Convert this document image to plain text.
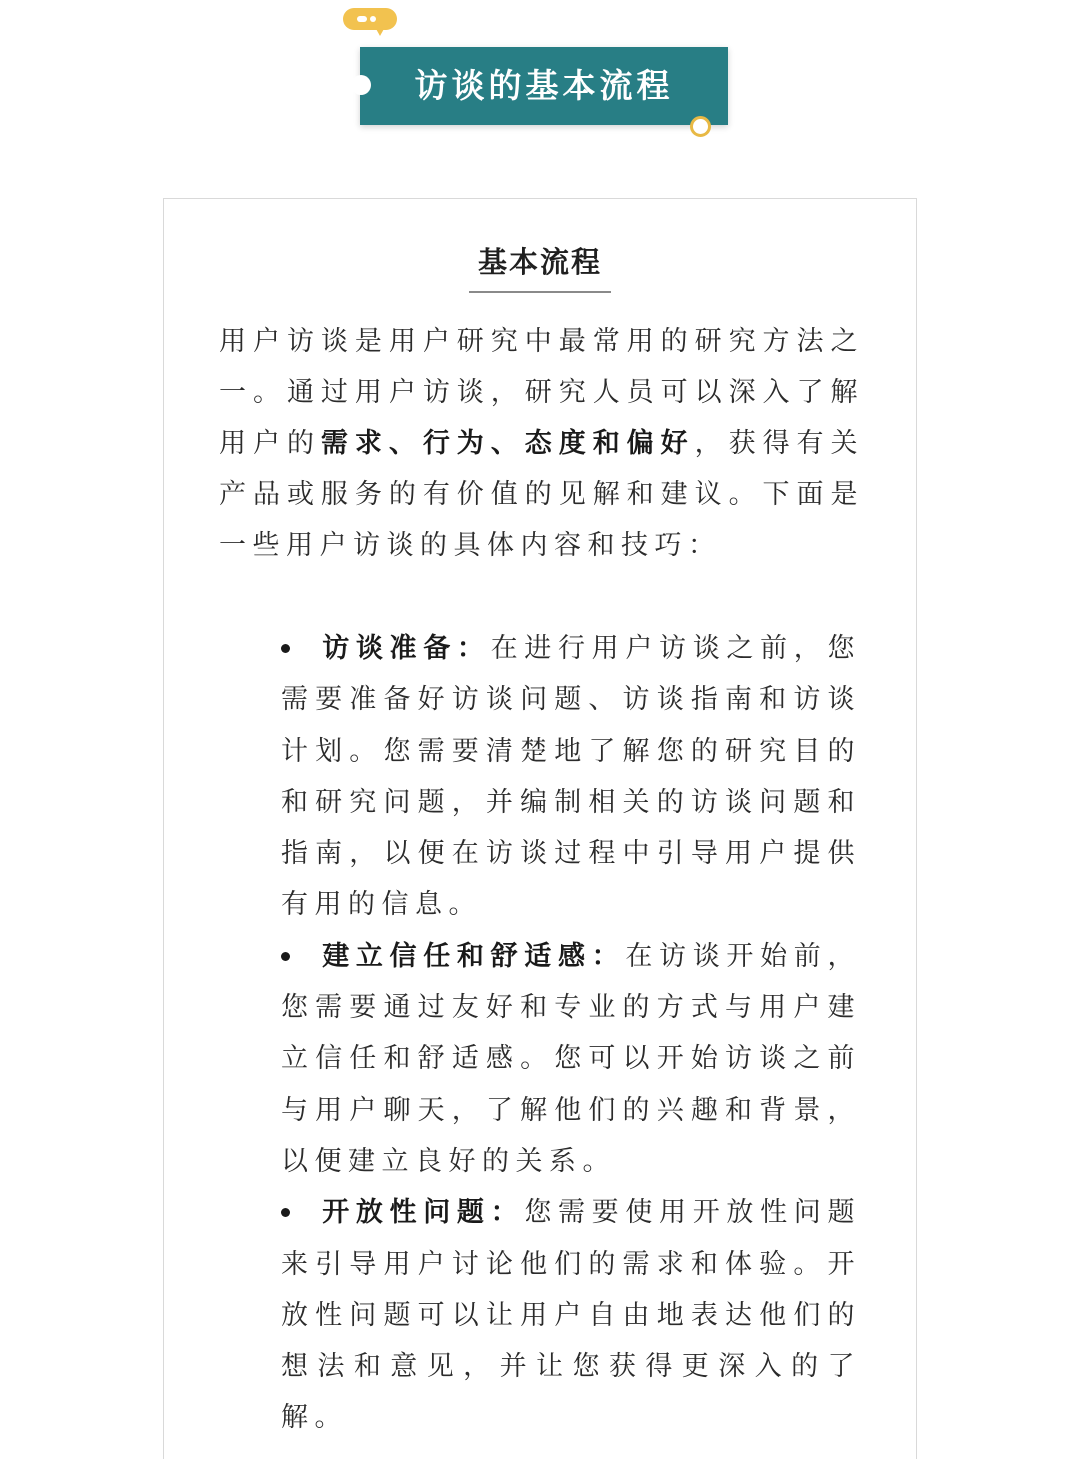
访谈的基本流程
基本流程

用户访谈是用户研究中最常用的研究方法之一。通过用户访谈，研究人员可以深入了解用户的需求、行为、态度和偏好，获得有关产品或服务的有价值的见解和建议。下面是一些用户访谈的具体内容和技巧：

访谈准备：在进行用户访谈之前，您需要准备好访谈问题、访谈指南和访谈计划。您需要清楚地了解您的研究目的和研究问题，并编制相关的访谈问题和指南，以便在访谈过程中引导用户提供有用的信息。
建立信任和舒适感：在访谈开始前，您需要通过友好和专业的方式与用户建立信任和舒适感。您可以开始访谈之前与用户聊天，了解他们的兴趣和背景，以便建立良好的关系。
开放性问题：您需要使用开放性问题来引导用户讨论他们的需求和体验。开放性问题可以让用户自由地表达他们的想法和意见，并让您获得更深入的了解。
